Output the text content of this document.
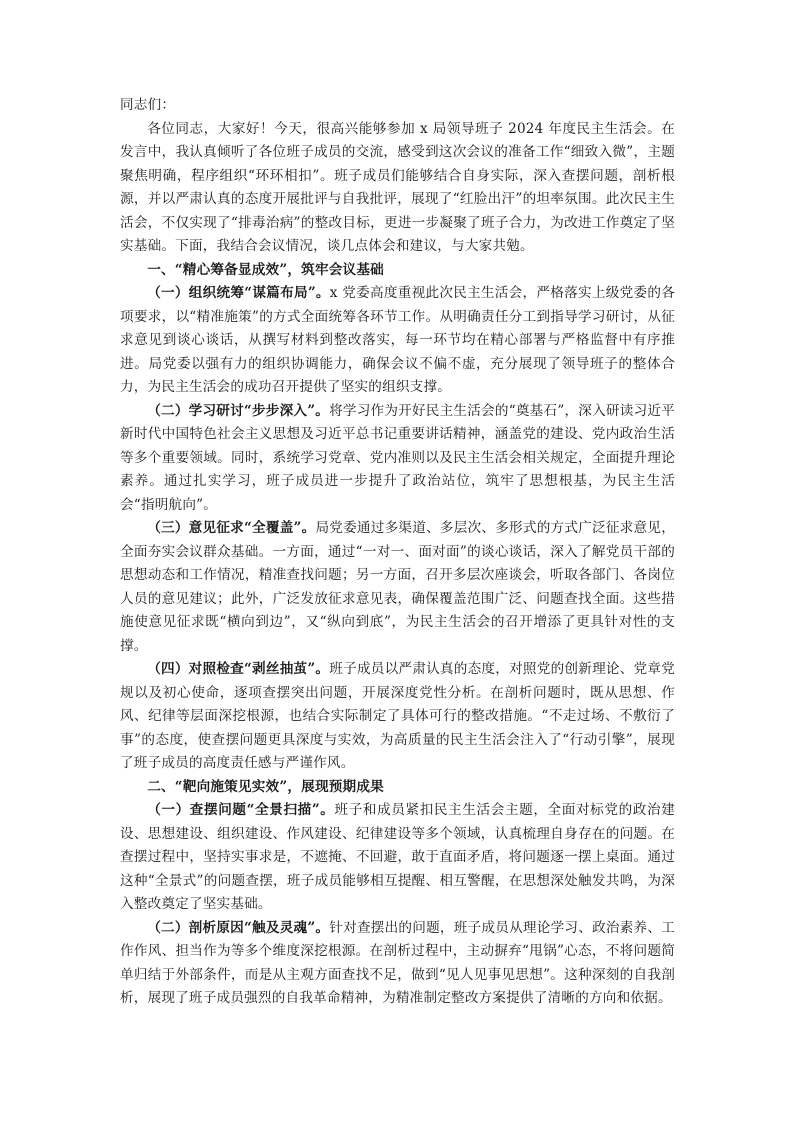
同志们：

各位同志，大家好！今天，很高兴能够参加 x 局领导班子 2024 年度民主生活会。在发言中，我认真倾听了各位班子成员的交流，感受到这次会议的准备工作“细致入微”，主题聚焦明确，程序组织“环环相扣”。班子成员们能够结合自身实际，深入查摆问题，剖析根源，并以严肃认真的态度开展批评与自我批评，展现了“红脸出汗”的坦率氛围。此次民主生活会，不仅实现了“排毒治病”的整改目标，更进一步凝聚了班子合力，为改进工作奠定了坚实基础。下面，我结合会议情况，谈几点体会和建议，与大家共勉。

一、“精心筹备显成效”，筑牢会议基础

（一）组织统筹“谋篇布局”。x 党委高度重视此次民主生活会，严格落实上级党委的各项要求，以“精准施策”的方式全面统筹各环节工作。从明确责任分工到指导学习研讨，从征求意见到谈心谈话，从撰写材料到整改落实，每一环节均在精心部署与严格监督中有序推进。局党委以强有力的组织协调能力，确保会议不偏不虚，充分展现了领导班子的整体合力，为民主生活会的成功召开提供了坚实的组织支撑。

（二）学习研讨“步步深入”。将学习作为开好民主生活会的“奠基石”，深入研读习近平新时代中国特色社会主义思想及习近平总书记重要讲话精神，涵盖党的建设、党内政治生活等多个重要领域。同时，系统学习党章、党内准则以及民主生活会相关规定，全面提升理论素养。通过扎实学习，班子成员进一步提升了政治站位，筑牢了思想根基，为民主生活会“指明航向”。

（三）意见征求“全覆盖”。局党委通过多渠道、多层次、多形式的方式广泛征求意见，全面夯实会议群众基础。一方面，通过“一对一、面对面”的谈心谈话，深入了解党员干部的思想动态和工作情况，精准查找问题；另一方面，召开多层次座谈会，听取各部门、各岗位人员的意见建议；此外，广泛发放征求意见表，确保覆盖范围广泛、问题查找全面。这些措施使意见征求既“横向到边”，又“纵向到底”，为民主生活会的召开增添了更具针对性的支撑。

（四）对照检查“剥丝抽茧”。班子成员以严肃认真的态度，对照党的创新理论、党章党规以及初心使命，逐项查摆突出问题，开展深度党性分析。在剖析问题时，既从思想、作风、纪律等层面深挖根源，也结合实际制定了具体可行的整改措施。“不走过场、不敷衍了事”的态度，使查摆问题更具深度与实效，为高质量的民主生活会注入了“行动引擎”，展现了班子成员的高度责任感与严谨作风。

二、“靶向施策见实效”，展现预期成果

（一）查摆问题“全景扫描”。班子和成员紧扣民主生活会主题，全面对标党的政治建设、思想建设、组织建设、作风建设、纪律建设等多个领域，认真梳理自身存在的问题。在查摆过程中，坚持实事求是，不遮掩、不回避，敢于直面矛盾，将问题逐一摆上桌面。通过这种“全景式”的问题查摆，班子成员能够相互提醒、相互警醒，在思想深处触发共鸣，为深入整改奠定了坚实基础。

（二）剖析原因“触及灵魂”。针对查摆出的问题，班子成员从理论学习、政治素养、工作作风、担当作为等多个维度深挖根源。在剖析过程中，主动摒弃“甩锅”心态，不将问题简单归结于外部条件，而是从主观方面查找不足，做到“见人见事见思想”。这种深刻的自我剖析，展现了班子成员强烈的自我革命精神，为精准制定整改方案提供了清晰的方向和依据。
